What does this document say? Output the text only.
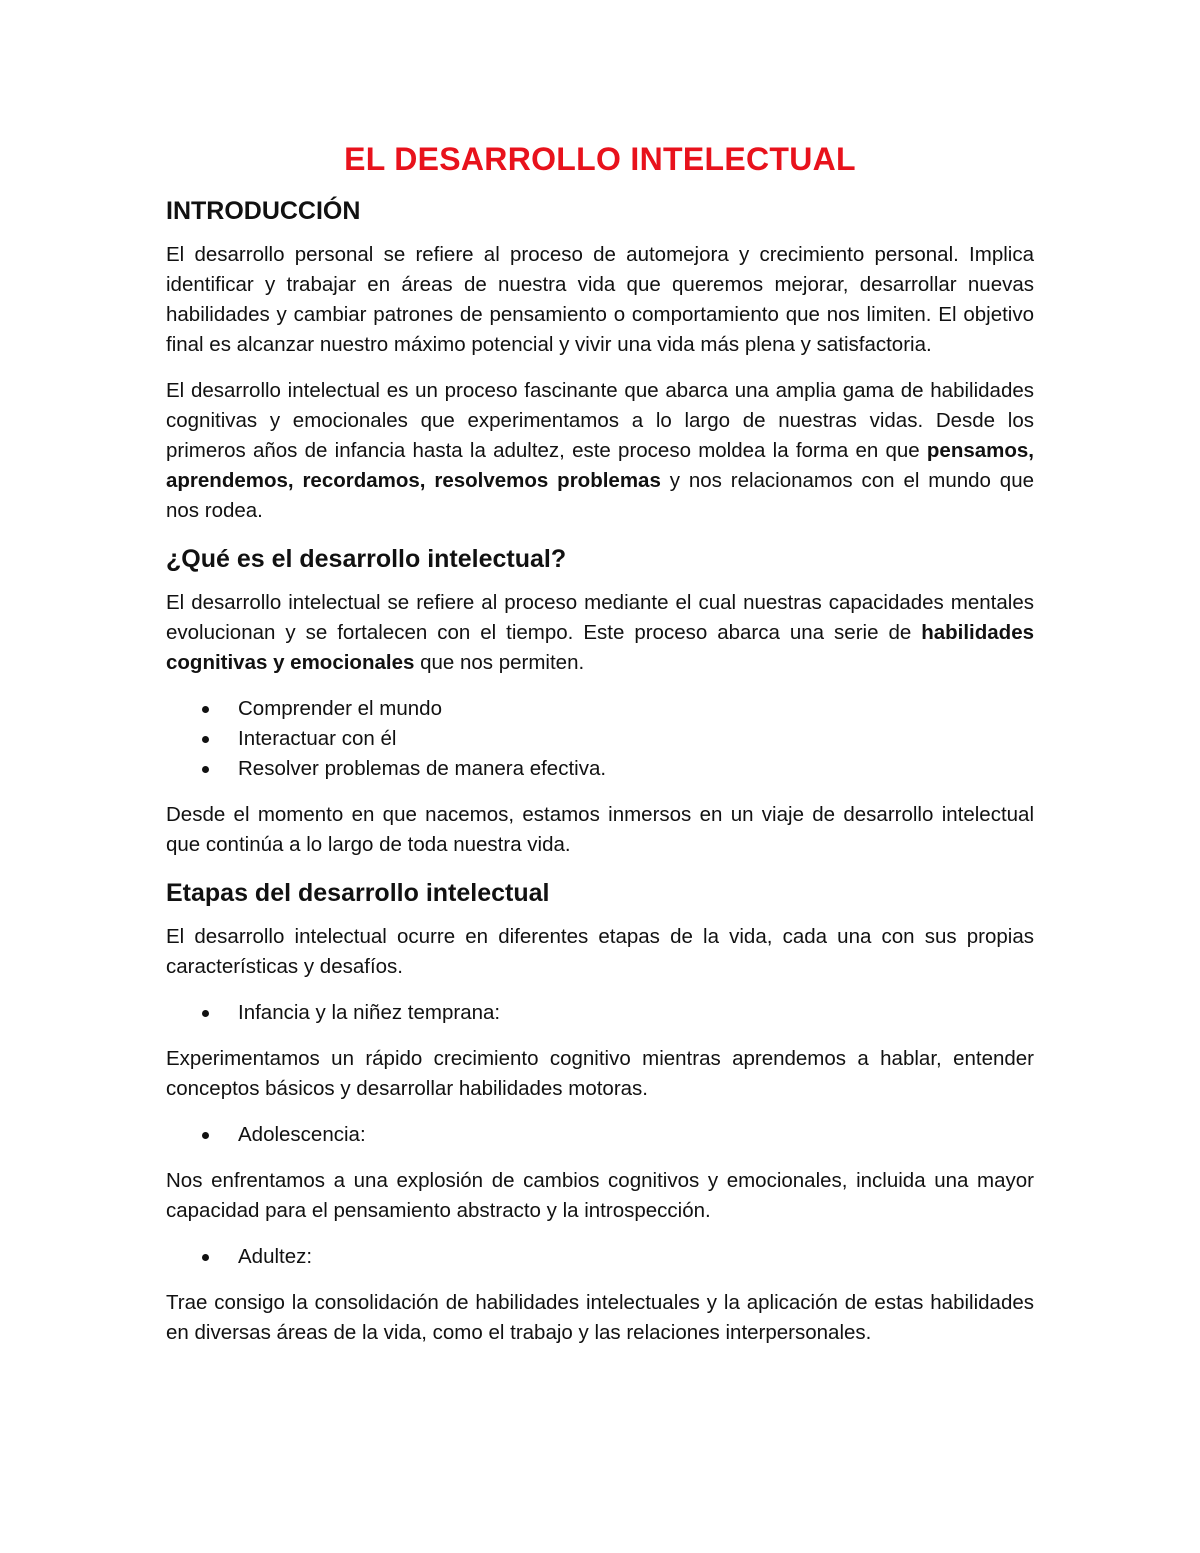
EL DESARROLLO INTELECTUAL
INTRODUCCIÓN

El desarrollo personal se refiere al proceso de automejora y crecimiento personal. Implica identificar y trabajar en áreas de nuestra vida que queremos mejorar, desarrollar nuevas habilidades y cambiar patrones de pensamiento o comportamiento que nos limiten. El objetivo final es alcanzar nuestro máximo potencial y vivir una vida más plena y satisfactoria.

El desarrollo intelectual es un proceso fascinante que abarca una amplia gama de habilidades cognitivas y emocionales que experimentamos a lo largo de nuestras vidas. Desde los primeros años de infancia hasta la adultez, este proceso moldea la forma en que pensamos, aprendemos, recordamos, resolvemos problemas y nos relacionamos con el mundo que nos rodea.

¿Qué es el desarrollo intelectual?

El desarrollo intelectual se refiere al proceso mediante el cual nuestras capacidades mentales evolucionan y se fortalecen con el tiempo. Este proceso abarca una serie de habilidades cognitivas y emocionales que nos permiten.

Comprender el mundo
Interactuar con él
Resolver problemas de manera efectiva.

Desde el momento en que nacemos, estamos inmersos en un viaje de desarrollo intelectual que continúa a lo largo de toda nuestra vida.

Etapas del desarrollo intelectual

El desarrollo intelectual ocurre en diferentes etapas de la vida, cada una con sus propias características y desafíos.

Infancia y la niñez temprana:

Experimentamos un rápido crecimiento cognitivo mientras aprendemos a hablar, entender conceptos básicos y desarrollar habilidades motoras.

Adolescencia:

Nos enfrentamos a una explosión de cambios cognitivos y emocionales, incluida una mayor capacidad para el pensamiento abstracto y la introspección.

Adultez:

Trae consigo la consolidación de habilidades intelectuales y la aplicación de estas habilidades en diversas áreas de la vida, como el trabajo y las relaciones interpersonales.
